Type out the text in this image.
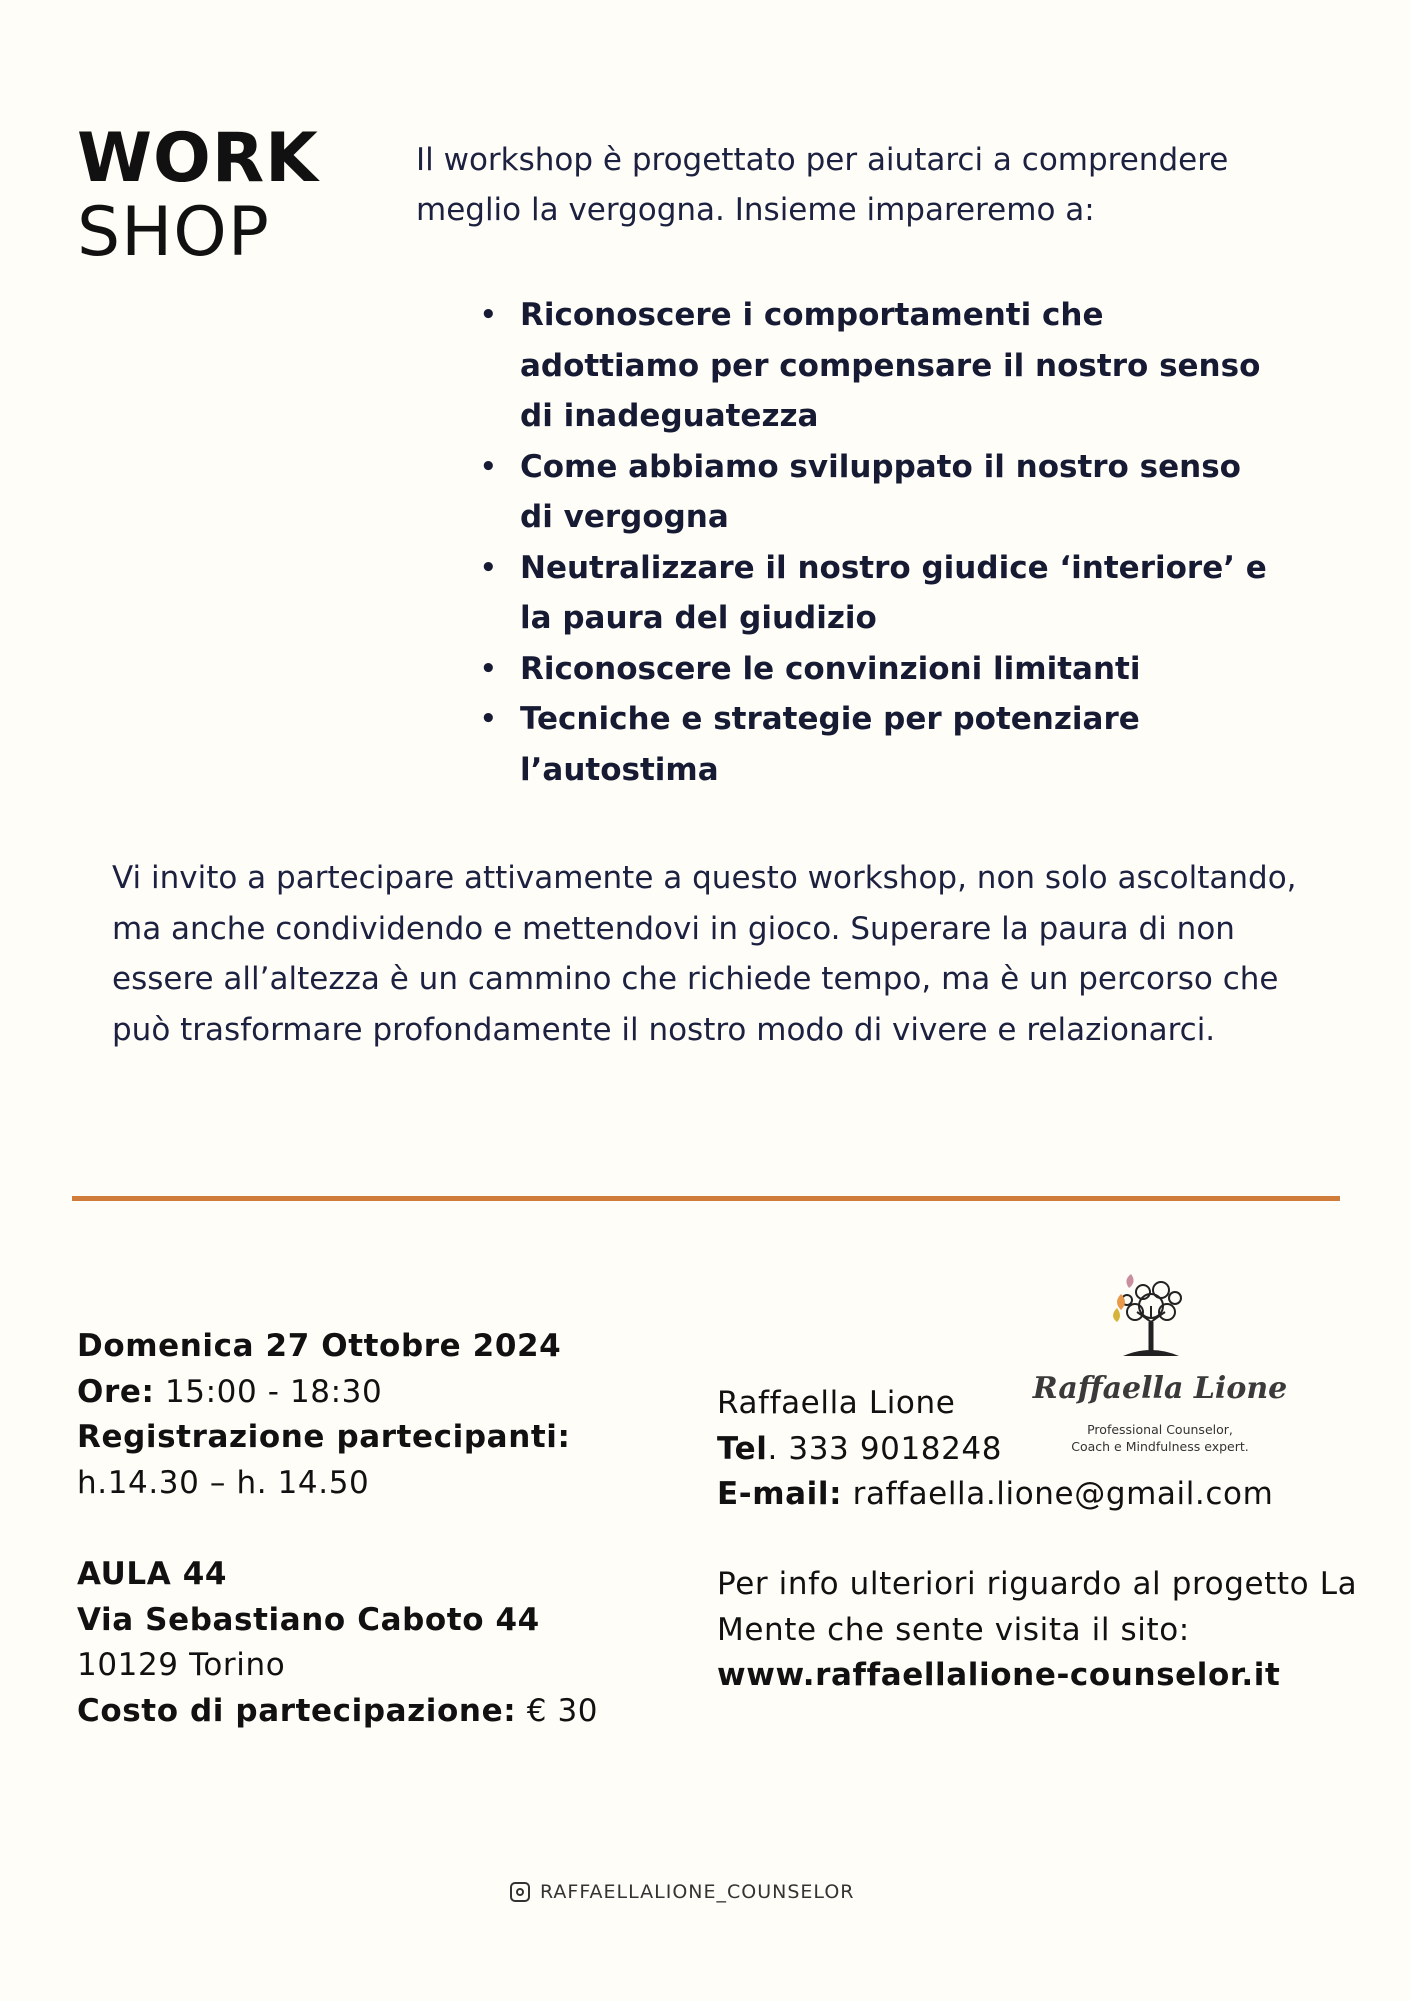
WORK
SHOP
Il workshop è progettato per aiutarci a comprendere meglio la vergogna. Insieme impareremo a:
• Riconoscere i comportamenti che adottiamo per compensare il nostro senso di inadeguatezza
• Come abbiamo sviluppato il nostro senso di vergogna
• Neutralizzare il nostro giudice ‘interiore’ e la paura del giudizio
• Riconoscere le convinzioni limitanti
• Tecniche e strategie per potenziare l’autostima
Vi invito a partecipare attivamente a questo workshop, non solo ascoltando, ma anche condividendo e mettendovi in gioco. Superare la paura di non essere all’altezza è un cammino che richiede tempo, ma è un percorso che può trasformare profondamente il nostro modo di vivere e relazionarci.
Domenica 27 Ottobre 2024
Ore: 15:00 - 18:30
Registrazione partecipanti:
h.14.30 – h. 14.50
AULA 44
Via Sebastiano Caboto 44
10129 Torino
Costo di partecipazione: € 30
Raffaella Lione
Professional Counselor,
Coach e Mindfulness expert.
Raffaella Lione
Tel. 333 9018248
E-mail: raffaella.lione@gmail.com
Per info ulteriori riguardo al progetto La Mente che sente visita il sito:
www.raffaellalione-counselor.it
RAFFAELLALIONE_COUNSELOR
